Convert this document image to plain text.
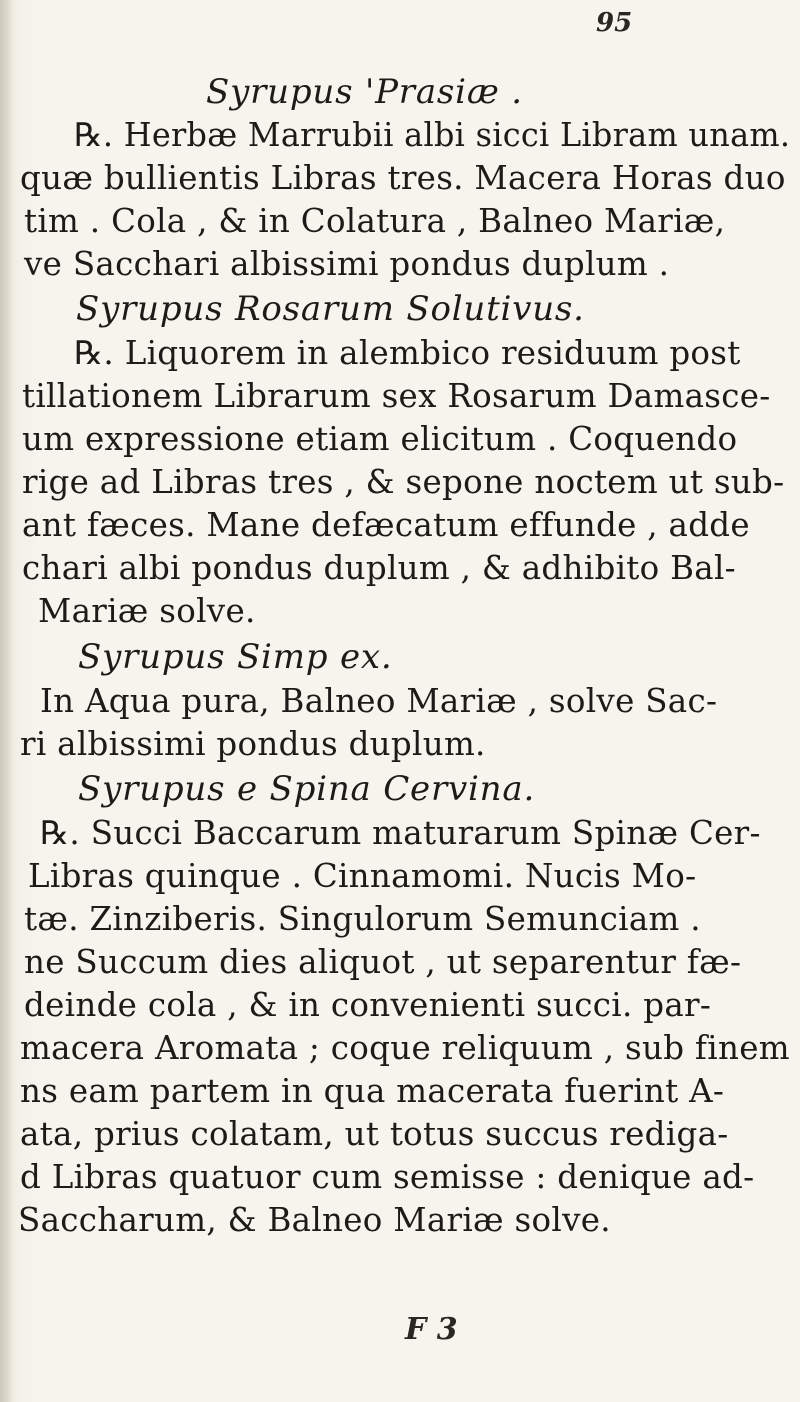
95
Syrupus 'Prasiæ .
℞. Herbæ Marrubii albi sicci Libram unam.
quæ bullientis Libras tres. Macera Horas duo
tim . Cola , & in Colatura , Balneo Mariæ,
ve Sacchari albissimi pondus duplum .
Syrupus Rosarum Solutivus.
℞. Liquorem in alembico residuum post
tillationem Librarum sex Rosarum Damasce-
um expressione etiam elicitum . Coquendo
rige ad Libras tres , & sepone noctem ut sub-
ant fæces. Mane defæcatum effunde , adde
chari albi pondus duplum , & adhibito Bal-
Mariæ solve.
Syrupus Simp ex.
In Aqua pura, Balneo Mariæ , solve Sac-
ri albissimi pondus duplum.
Syrupus e Spina Cervina.
℞. Succi Baccarum maturarum Spinæ Cer-
Libras quinque . Cinnamomi. Nucis Mo-
tæ. Zinziberis. Singulorum Semunciam .
ne Succum dies aliquot , ut separentur fæ-
deinde cola , & in convenienti succi. par-
macera Aromata ; coque reliquum , sub finem
ns eam partem in qua macerata fuerint A-
ata, prius colatam, ut totus succus rediga-
d Libras quatuor cum semisse : denique ad-
Saccharum, & Balneo Mariæ solve.
F 3
